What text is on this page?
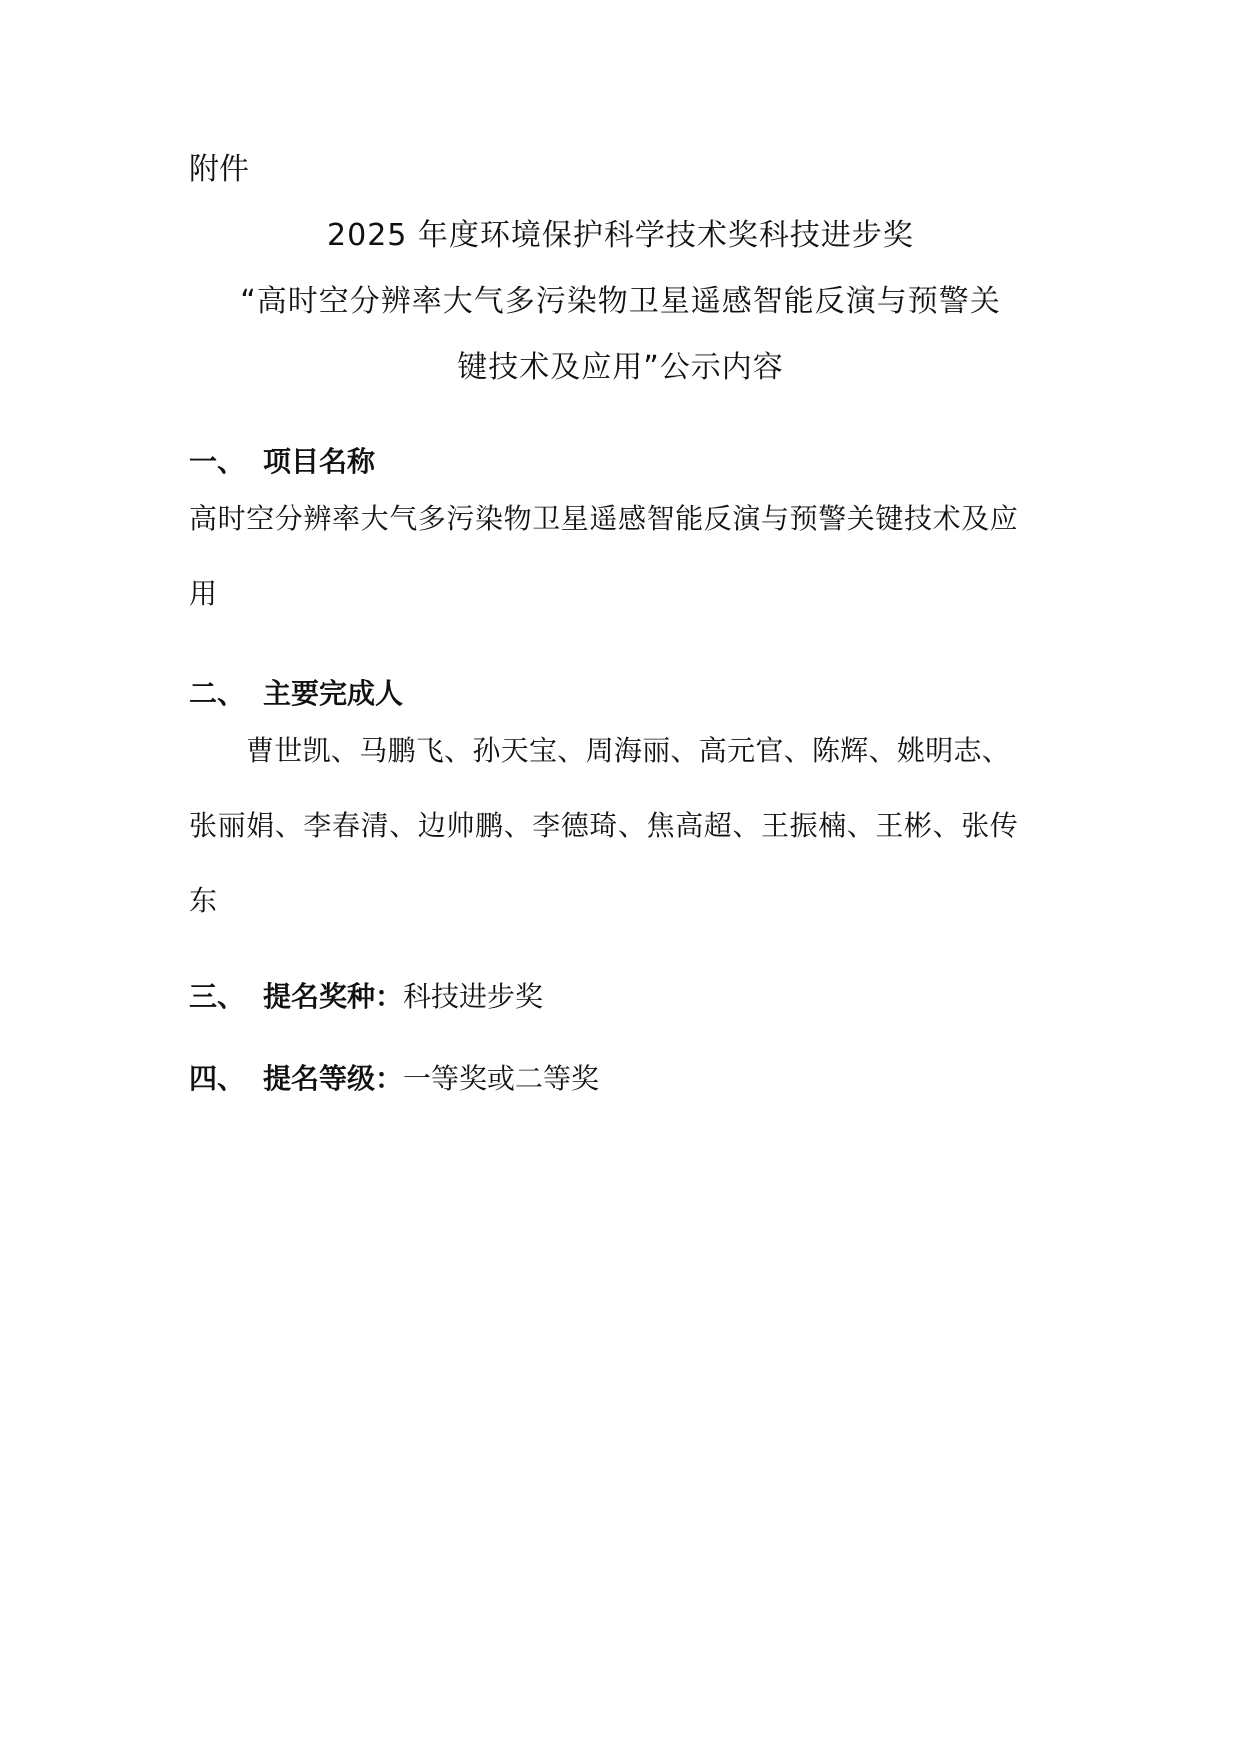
附件
2025 年度环境保护科学技术奖科技进步奖
“高时空分辨率大气多污染物卫星遥感智能反演与预警关
键技术及应用”公示内容
一、 项目名称
高时空分辨率大气多污染物卫星遥感智能反演与预警关键技术及应
用
二、 主要完成人
曹世凯、马鹏飞、孙天宝、周海丽、高元官、陈辉、姚明志、
张丽娟、李春清、边帅鹏、李德琦、焦高超、王振楠、王彬、张传
东
三、 提名奖种：科技进步奖
四、 提名等级：一等奖或二等奖
